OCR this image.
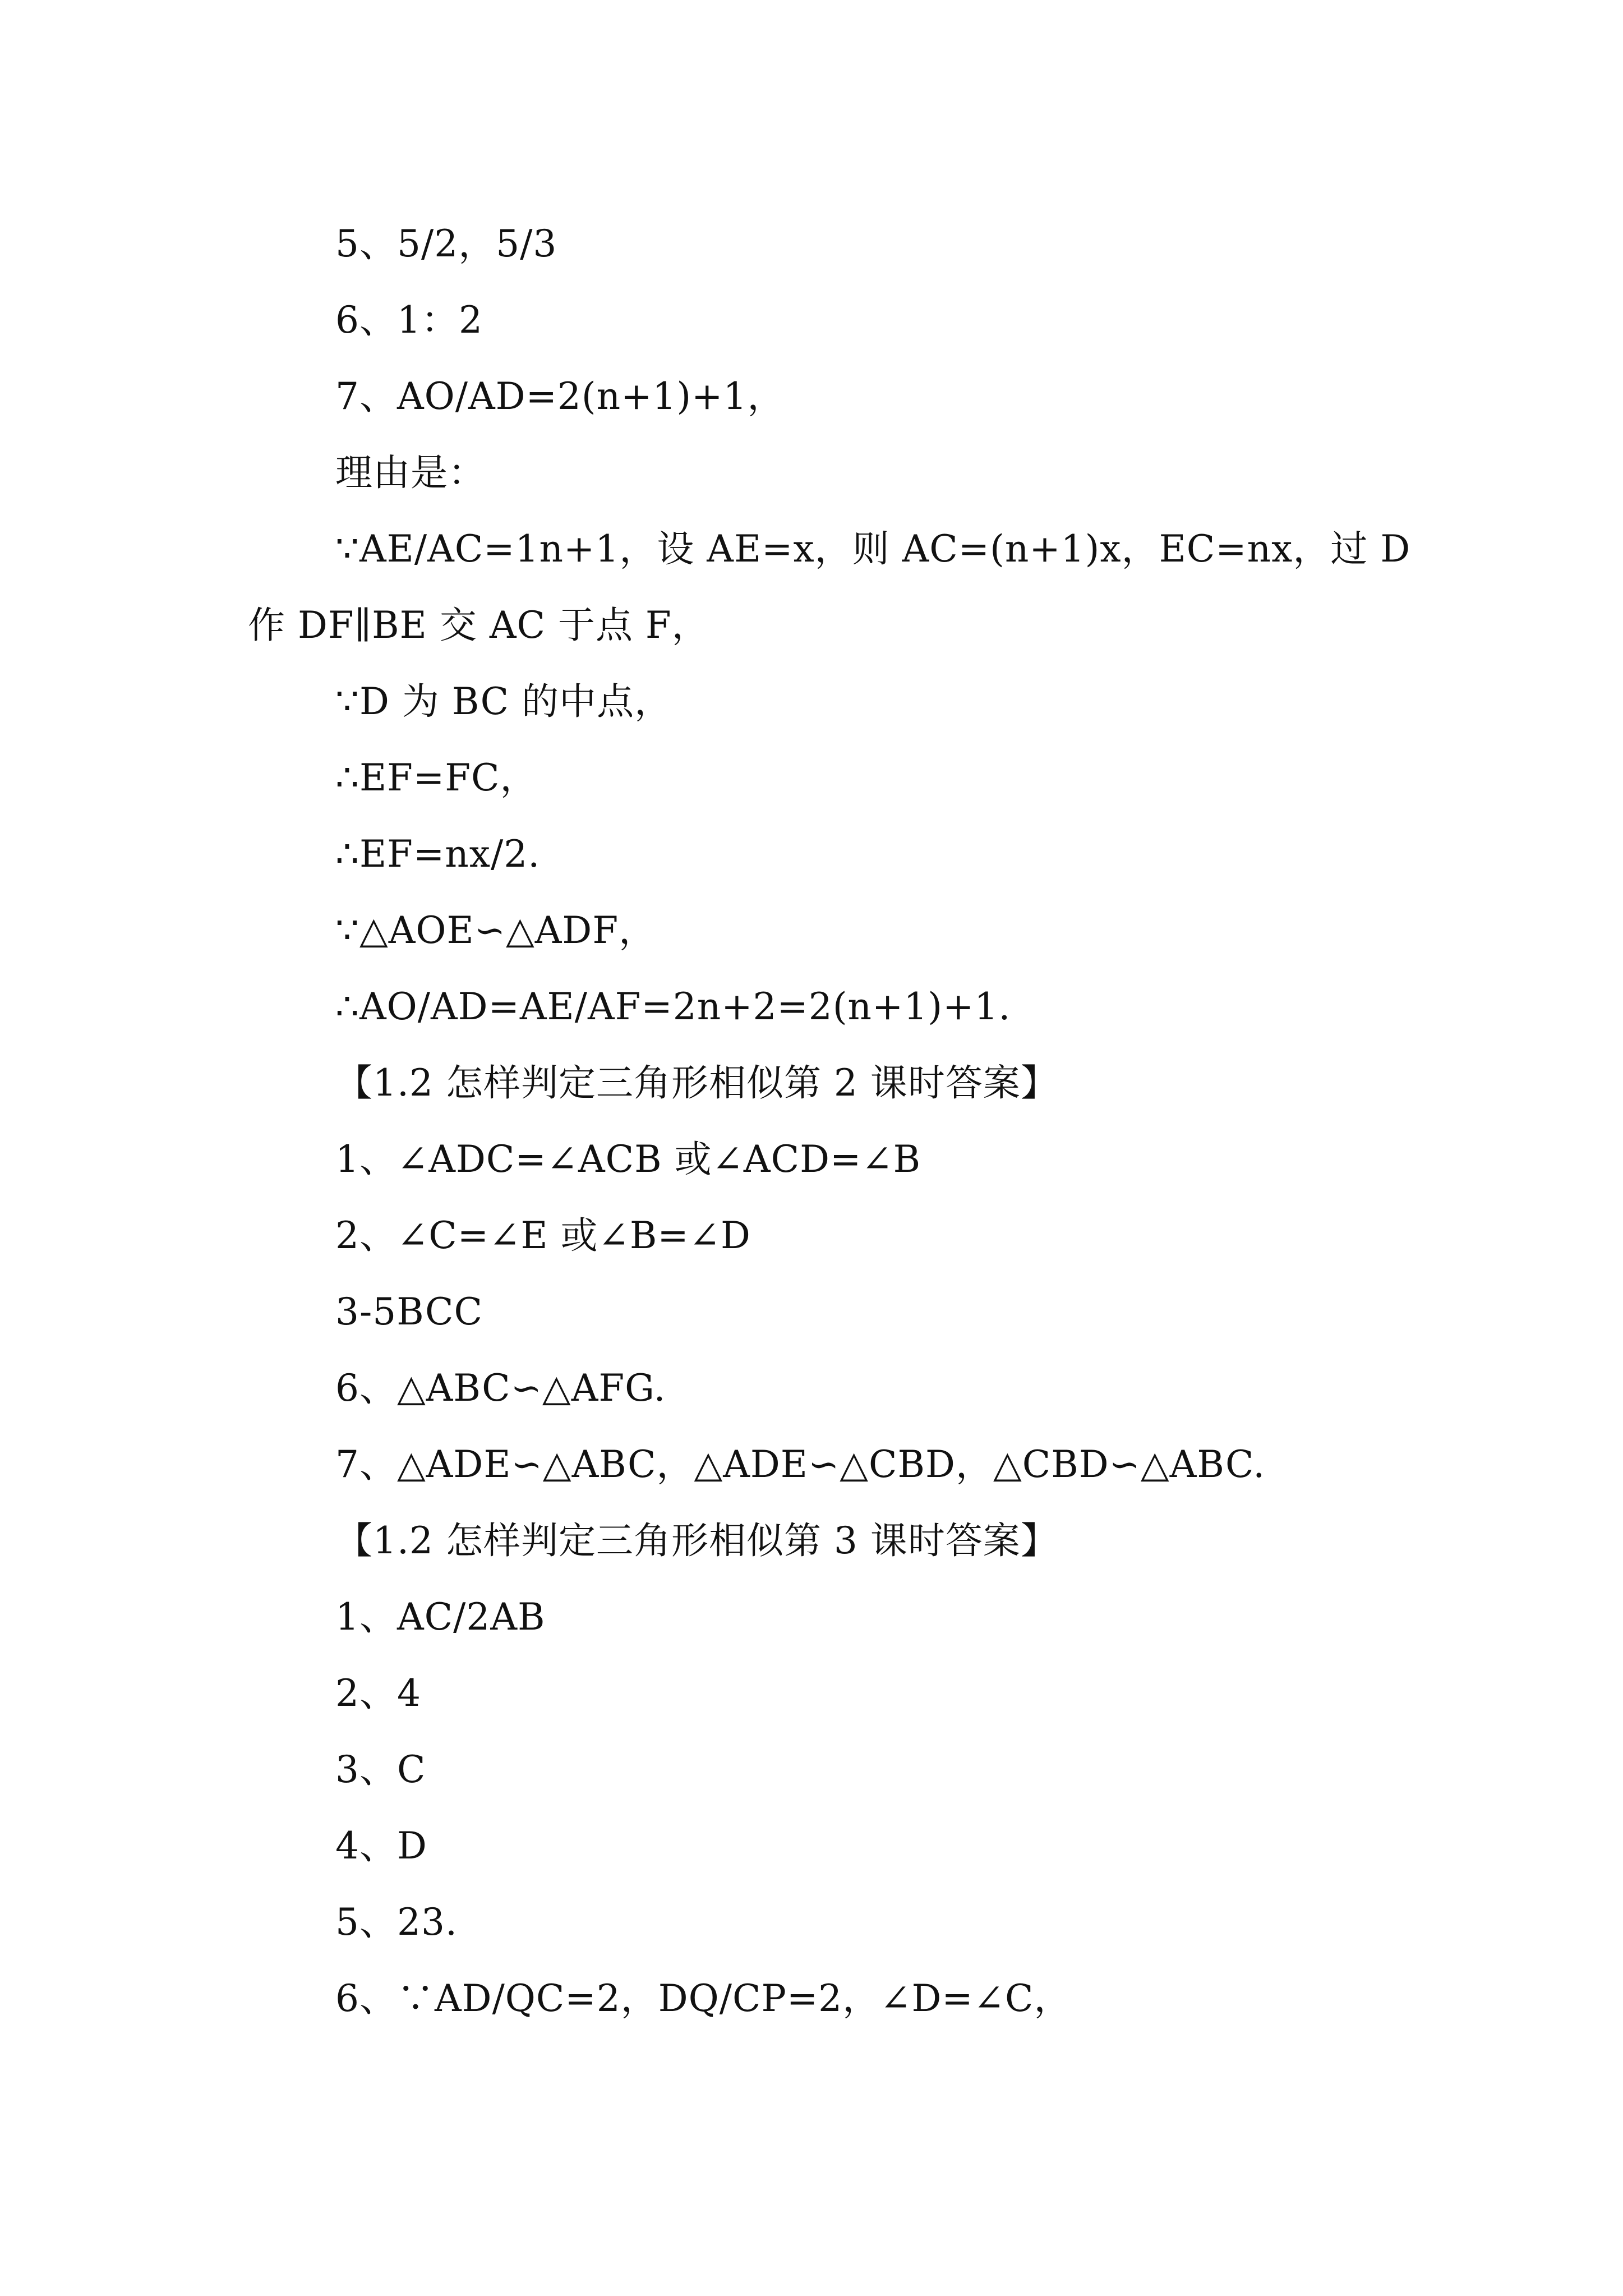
5、5/2，5/3
6、1：2
7、AO/AD=2(n+1)+1，
理由是：
∵AE/AC=1n+1，设 AE=x，则 AC=(n+1)x，EC=nx，过 D
作 DF∥BE 交 AC 于点 F，
∵D 为 BC 的中点，
∴EF=FC，
∴EF=nx/2.
∵△AOE∽△ADF，
∴AO/AD=AE/AF=2n+2=2(n+1)+1.
【1.2 怎样判定三角形相似第 2 课时答案】
1、∠ADC=∠ACB 或∠ACD=∠B
2、∠C=∠E 或∠B=∠D
3-5BCC
6、△ABC∽△AFG.
7、△ADE∽△ABC，△ADE∽△CBD，△CBD∽△ABC.
【1.2 怎样判定三角形相似第 3 课时答案】
1、AC/2AB
2、4
3、C
4、D
5、23.
6、∵AD/QC=2，DQ/CP=2，∠D=∠C，
